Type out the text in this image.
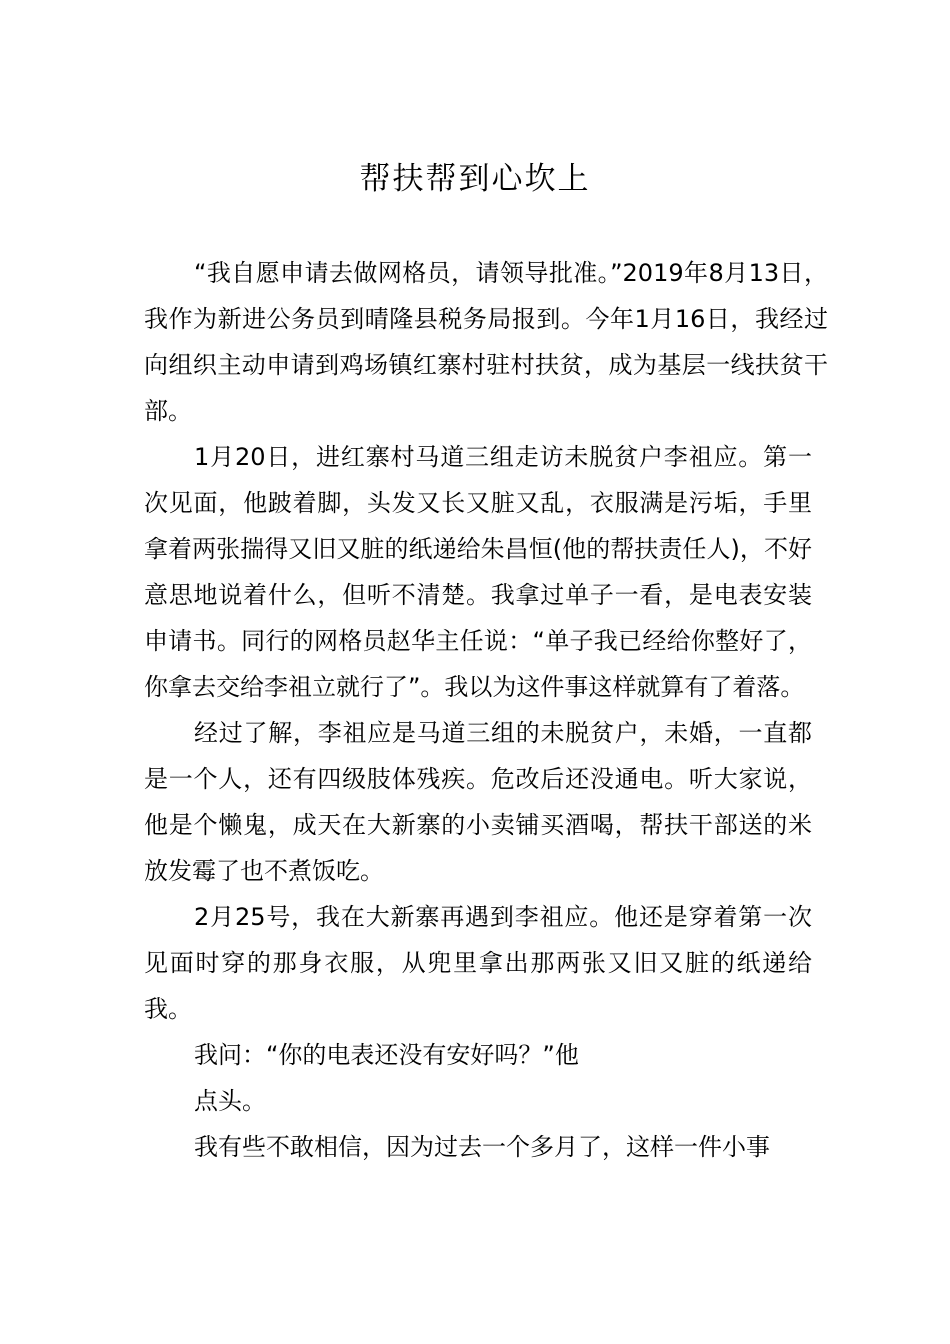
帮扶帮到心坎上

“我自愿申请去做网格员，请领导批准。”2019年8月13日，我作为新进公务员到晴隆县税务局报到。今年1月16日，我经过向组织主动申请到鸡场镇红寨村驻村扶贫，成为基层一线扶贫干部。

1月20日，进红寨村马道三组走访未脱贫户李祖应。第一次见面，他跛着脚，头发又长又脏又乱，衣服满是污垢，手里拿着两张揣得又旧又脏的纸递给朱昌恒(他的帮扶责任人)，不好意思地说着什么，但听不清楚。我拿过单子一看，是电表安装申请书。同行的网格员赵华主任说：“单子我已经给你整好了，你拿去交给李祖立就行了”。我以为这件事这样就算有了着落。

经过了解，李祖应是马道三组的未脱贫户，未婚，一直都是一个人，还有四级肢体残疾。危改后还没通电。听大家说，他是个懒鬼，成天在大新寨的小卖铺买酒喝，帮扶干部送的米放发霉了也不煮饭吃。

2月25号，我在大新寨再遇到李祖应。他还是穿着第一次见面时穿的那身衣服，从兜里拿出那两张又旧又脏的纸递给我。

我问：“你的电表还没有安好吗？”他

点头。

我有些不敢相信，因为过去一个多月了，这样一件小事
